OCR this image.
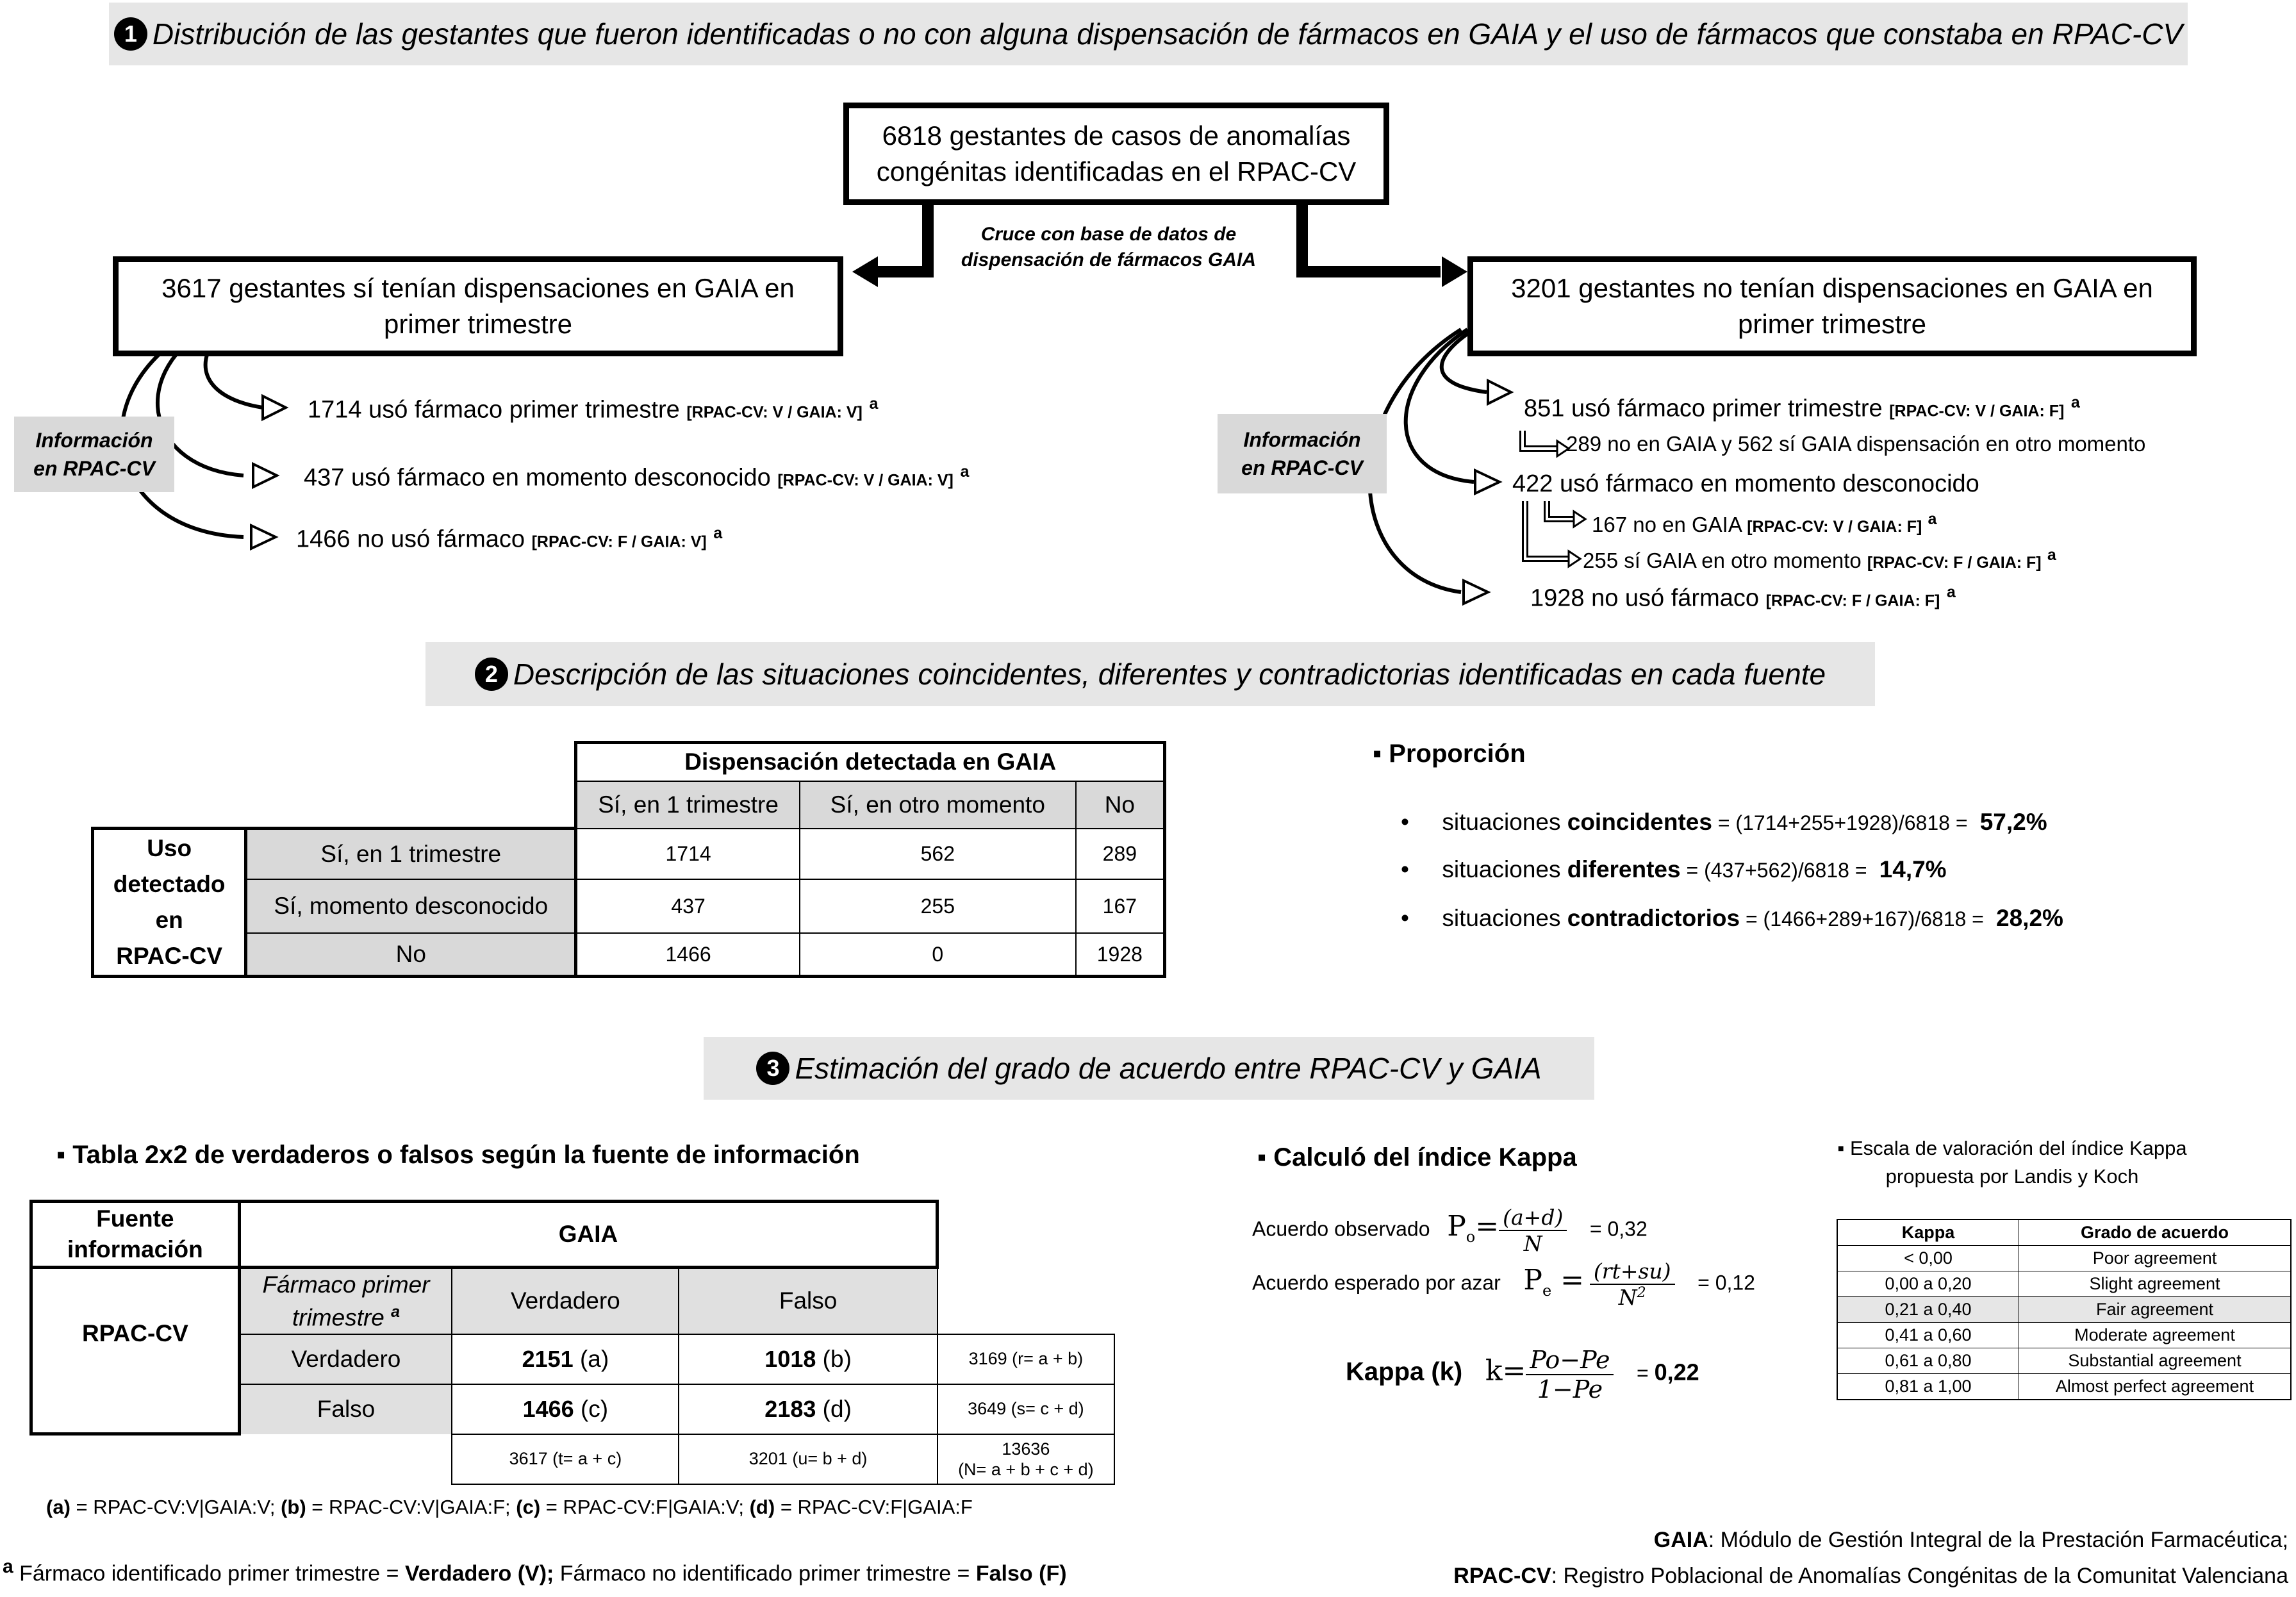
1 Distribución de las gestantes que fueron identificadas o no con alguna dispensación de fármacos en GAIA y el uso de fármacos que constaba en RPAC-CV
6818 gestantes de casos de anomalías congénitas identificadas en el RPAC-CV
Cruce con base de datos de dispensación de fármacos GAIA
3617 gestantes sí tenían dispensaciones en GAIA en primer trimestre
3201 gestantes no tenían dispensaciones en GAIA en primer trimestre
Información en RPAC-CV
Información en RPAC-CV
1714 usó fármaco primer trimestre [RPAC-CV: V / GAIA: V] $^a$
437 usó fármaco en momento desconocido [RPAC-CV: V / GAIA: V] $^a$
1466 no usó fármaco [RPAC-CV: F / GAIA: V] $^a$
851 usó fármaco primer trimestre [RPAC-CV: V / GAIA: F] $^a$
289 no en GAIA y 562 sí GAIA dispensación en otro momento
422 usó fármaco en momento desconocido
167 no en GAIA [RPAC-CV: V / GAIA: F] $^a$
255 sí GAIA en otro momento [RPAC-CV: F / GAIA: F] $^a$
1928 no usó fármaco [RPAC-CV: F / GAIA: F] $^a$
2 Descripción de las situaciones coincidentes, diferentes y contradictorias identificadas en cada fuente
		Dispensación detectada en GAIA		
		Sí, en 1 trimestre	Sí, en otro momento	No

Uso
detectado
en
RPAC-CV	Sí, en 1 trimestre	1714	562	289
	Sí, momento desconocido	437	255	167
	No	1466	0	1928
▪ Proporción
•     situaciones coincidentes = (1714+255+1928)/6818 =  57,2%
•     situaciones diferentes = (437+562)/6818 =  14,7%
•     situaciones contradictorios = (1466+289+167)/6818 =  28,2%
3 Estimación del grado de acuerdo entre RPAC-CV y GAIA
▪ Tabla 2x2 de verdaderos o falsos según la fuente de información
Fuente información	GAIA			
RPAC-CV	Fármaco primer trimestre $^a$	Verdadero	Falso	
	Verdadero	2151 (a)	1018 (b)	3169 (r= a + b)
	Falso	1466 (c)	2183 (d)	3649 (s= c + d)
		3617 (t= a + c)	3201 (u= b + d)	13636
(N= a + b + c + d)
(a) = RPAC-CV:V|GAIA:V; (b) = RPAC-CV:V|GAIA:F; (c) = RPAC-CV:F|GAIA:V; (d) = RPAC-CV:F|GAIA:F
▪ Calculó del índice Kappa
Acuerdo observado $P_o= \frac{(a+d)}{N} = 0,32$
Acuerdo esperado por azar $P_e = \frac{(rt+su)}{N^2} = 0,12$
Kappa (k) $k= \frac{Po-Pe}{1-Pe} = 0,22$
▪ Escala de valoración del índice Kappa
propuesta por Landis y Koch
Kappa	Grado de acuerdo
< 0,00	Poor agreement
0,00 a 0,20	Slight agreement
0,21 a 0,40	Fair agreement
0,41 a 0,60	Moderate agreement
0,61 a 0,80	Substantial agreement
0,81 a 1,00	Almost perfect agreement
a Fármaco identificado primer trimestre = Verdadero (V); Fármaco no identificado primer trimestre = Falso (F)
GAIA: Módulo de Gestión Integral de la Prestación Farmacéutica;
RPAC-CV: Registro Poblacional de Anomalías Congénitas de la Comunitat Valenciana
